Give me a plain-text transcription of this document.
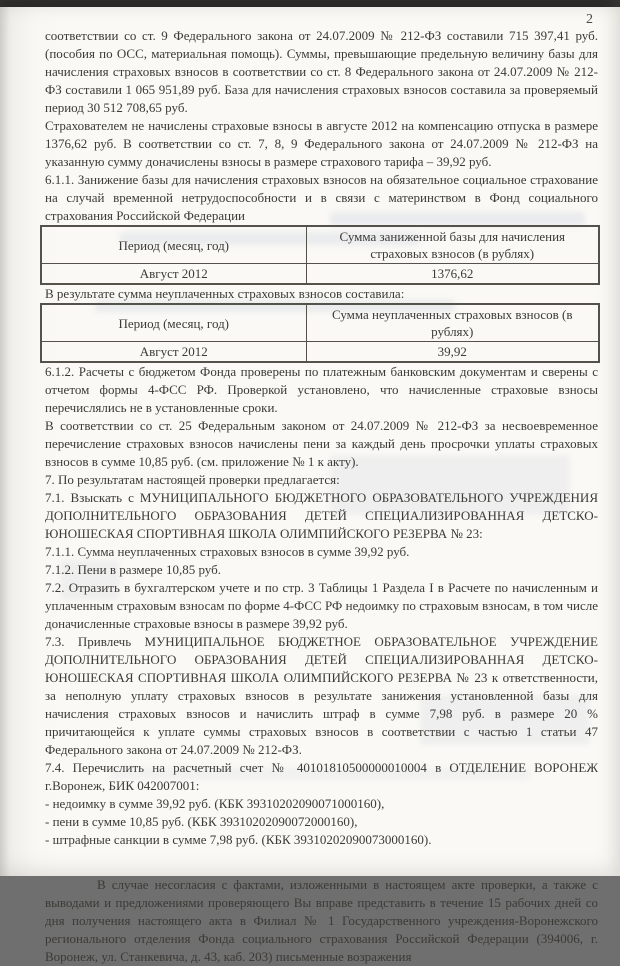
2

соответствии со ст. 9 Федерального закона от 24.07.2009 № 212-ФЗ составили 715 397,41 руб. (пособия по ОСС, материальная помощь). Суммы, превышающие предельную величину базы для начисления страховых взносов в соответствии со ст. 8 Федерального закона от 24.07.2009 № 212-ФЗ составили 1 065 951,89 руб. База для начисления страховых взносов составила за проверяемый период 30 512 708,65 руб.

Страхователем не начислены страховые взносы в августе 2012 на компенсацию отпуска в размере 1376,62 руб. В соответствии со ст. 7, 8, 9 Федерального закона от 24.07.2009 № 212-ФЗ на указанную сумму доначислены взносы в размере страхового тарифа – 39,92 руб.

6.1.1. Занижение базы для начисления страховых взносов на обязательное социальное страхование на случай временной нетрудоспособности и в связи с материнством в Фонд социального страхования Российской Федерации

Период (месяц, год)	Сумма заниженной базы для начисления страховых взносов (в рублях)
Август 2012	1376,62

В результате сумма неуплаченных страховых взносов составила:

Период (месяц, год)	Сумма неуплаченных страховых взносов (в рублях)
Август 2012	39,92

6.1.2. Расчеты с бюджетом Фонда проверены по платежным банковским документам и сверены с отчетом формы 4-ФСС РФ. Проверкой установлено, что начисленные страховые взносы перечислялись не в установленные сроки.

В соответствии со ст. 25 Федеральным законом от 24.07.2009 № 212-ФЗ за несвоевременное перечисление страховых взносов начислены пени за каждый день просрочки уплаты страховых взносов в сумме 10,85 руб. (см. приложение № 1 к акту).

7. По результатам настоящей проверки предлагается:

7.1. Взыскать с МУНИЦИПАЛЬНОГО БЮДЖЕТНОГО ОБРАЗОВАТЕЛЬНОГО УЧРЕЖДЕНИЯ ДОПОЛНИТЕЛЬНОГО ОБРАЗОВАНИЯ ДЕТЕЙ СПЕЦИАЛИЗИРОВАННАЯ ДЕТСКО-ЮНОШЕСКАЯ СПОРТИВНАЯ ШКОЛА ОЛИМПИЙСКОГО РЕЗЕРВА № 23:

7.1.1. Сумма неуплаченных страховых взносов в сумме 39,92 руб.

7.1.2. Пени в размере 10,85 руб.

7.2. Отразить в бухгалтерском учете и по стр. 3 Таблицы 1 Раздела I в Расчете по начисленным и уплаченным страховым взносам по форме 4-ФСС РФ недоимку по страховым взносам, в том числе доначисленные страховые взносы в размере 39,92 руб.

7.3. Привлечь МУНИЦИПАЛЬНОЕ БЮДЖЕТНОЕ ОБРАЗОВАТЕЛЬНОЕ УЧРЕЖДЕНИЕ ДОПОЛНИТЕЛЬНОГО ОБРАЗОВАНИЯ ДЕТЕЙ СПЕЦИАЛИЗИРОВАННАЯ ДЕТСКО-ЮНОШЕСКАЯ СПОРТИВНАЯ ШКОЛА ОЛИМПИЙСКОГО РЕЗЕРВА № 23 к ответственности, за неполную уплату страховых взносов в результате занижения установленной базы для начисления страховых взносов и начислить штраф в сумме 7,98 руб. в размере 20 % причитающейся к уплате суммы страховых взносов в соответствии с частью 1 статьи 47 Федерального закона от 24.07.2009 № 212-ФЗ.

7.4. Перечислить на расчетный счет № 40101810500000010004 в ОТДЕЛЕНИЕ ВОРОНЕЖ г.Воронеж, БИК 042007001:

- недоимку в сумме 39,92 руб. (КБК 39310202090071000160),

- пени в сумме 10,85 руб. (КБК 39310202090072000160),

- штрафные санкции в сумме 7,98 руб. (КБК 39310202090073000160).

В случае несогласия с фактами, изложенными в настоящем акте проверки, а также с выводами и предложениями проверяющего Вы вправе представить в течение 15 рабочих дней со дня получения настоящего акта в Филиал № 1 Государственного учреждения-Воронежского регионального отделения Фонда социального страхования Российской Федерации (394006, г. Воронеж, ул. Станкевича, д. 43, каб. 203) письменные возражения
